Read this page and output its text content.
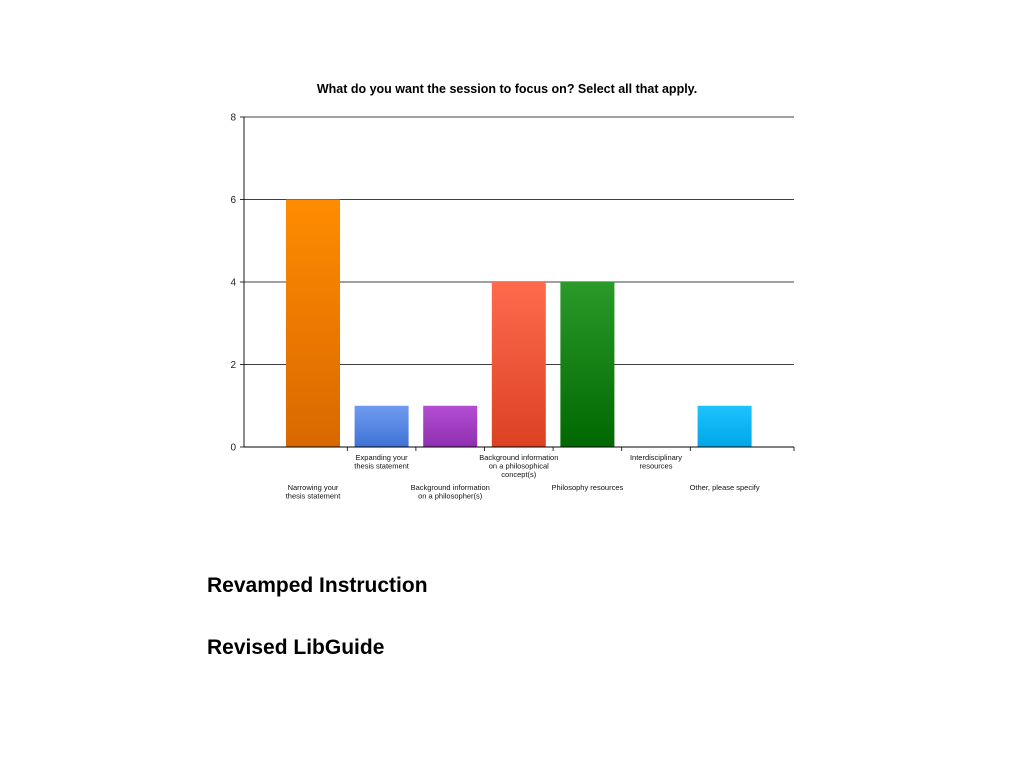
What do you want the session to focus on? Select all that apply.
0
2
4
6
8
Narrowing your thesis statement
Expanding your thesis statement
Background information on a philosopher(s)
Background information on a philosophical concept(s)
Philosophy resources
Interdisciplinary resources
Other, please specify

Revamped Instruction

Revised LibGuide
